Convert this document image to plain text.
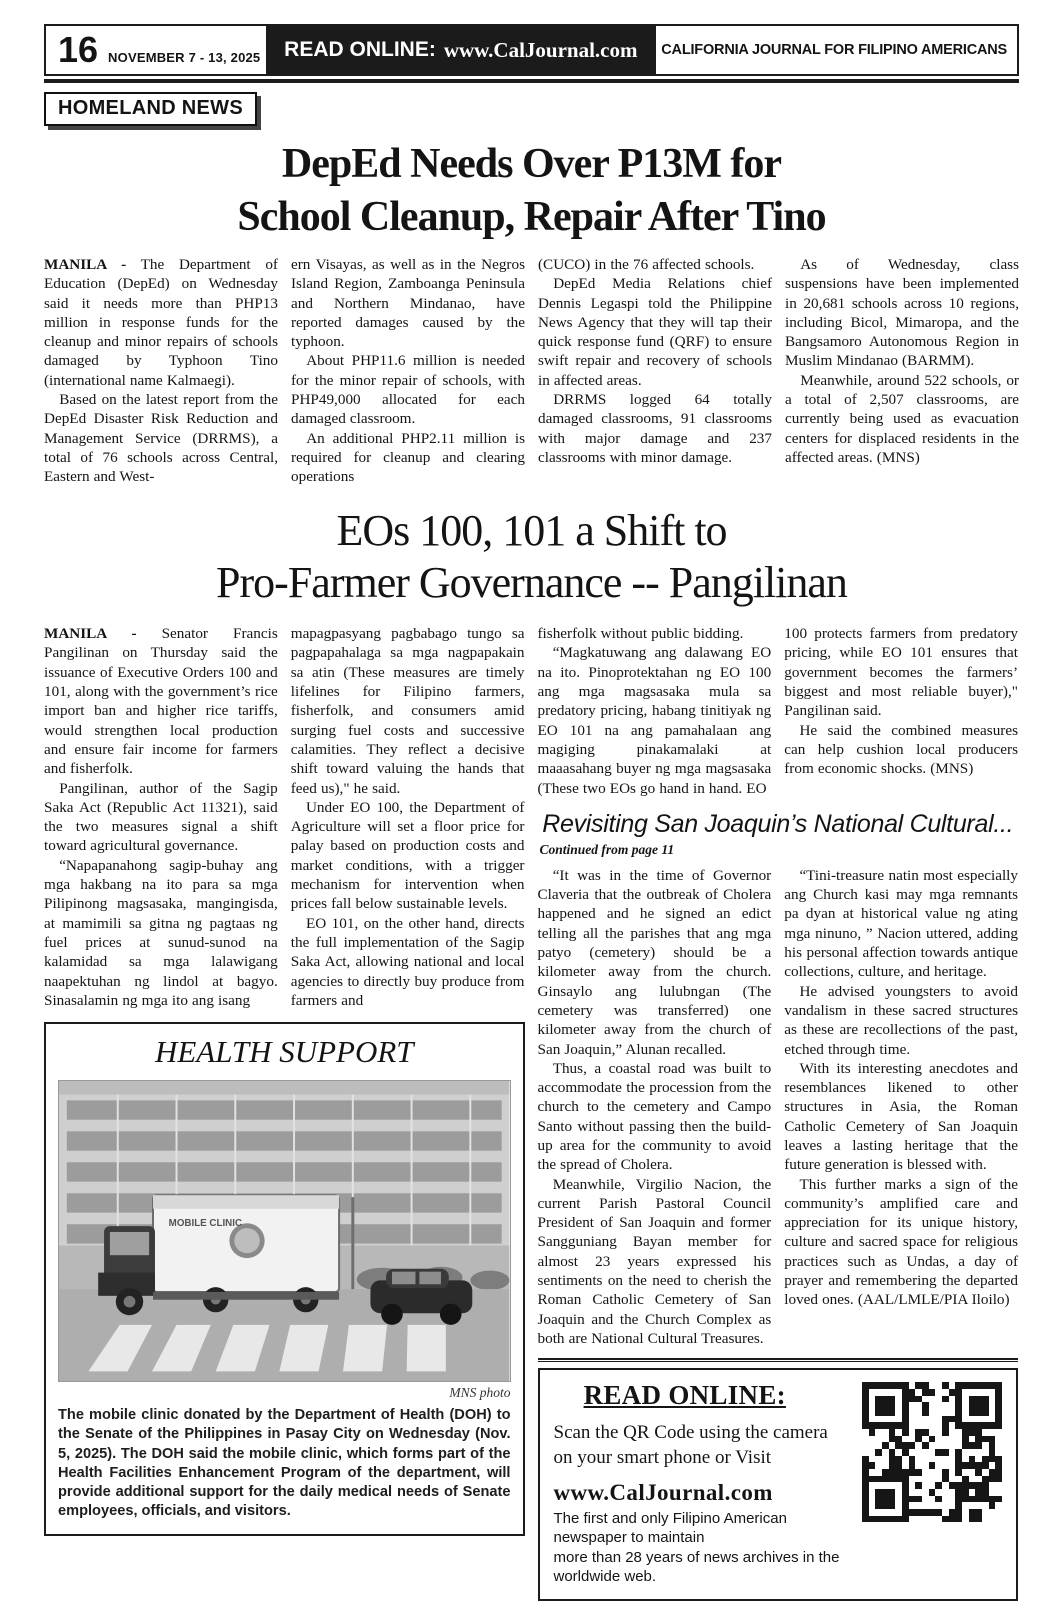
16 NOVEMBER 7 - 13, 2025 READ ONLINE: www.CalJournal.com CALIFORNIA JOURNAL FOR FILIPINO AMERICANS
HOMELAND NEWS
DepEd Needs Over P13M for
School Cleanup, Repair After Tino

MANILA - The Department of Education (DepEd) on Wednesday said it needs more than PHP13 million in response funds for the cleanup and minor repairs of schools damaged by Typhoon Tino (international name Kalmaegi).

 Based on the latest report from the DepEd Disaster Risk Reduction and Management Service (DRRMS), a total of 76 schools across Central, Eastern and West-

ern Visayas, as well as in the Negros Island Region, Zamboanga Peninsula and Northern Mindanao, have reported damages caused by the typhoon.

 About PHP11.6 million is needed for the minor repair of schools, with PHP49,000 allocated for each damaged classroom.

 An additional PHP2.11 million is required for cleanup and clearing operations

(CUCO) in the 76 affected schools.

 DepEd Media Relations chief Dennis Legaspi told the Philippine News Agency that they will tap their quick response fund (QRF) to ensure swift repair and recovery of schools in affected areas.

 DRRMS logged 64 totally damaged classrooms, 91 classrooms with major damage and 237 classrooms with minor damage.

 As of Wednesday, class suspensions have been implemented in 20,681 schools across 10 regions, including Bicol, Mimaropa, and the Bangsamoro Autonomous Region in Muslim Mindanao (BARMM).

 Meanwhile, around 522 schools, or a total of 2,507 classrooms, are currently being used as evacuation centers for displaced residents in the affected areas. (MNS)

EOs 100, 101 a Shift to
Pro-Farmer Governance -- Pangilinan

MANILA - Senator Francis Pangilinan on Thursday said the issuance of Executive Orders 100 and 101, along with the government’s rice import ban and higher rice tariffs, would strengthen local production and ensure fair income for farmers and fisherfolk.

 Pangilinan, author of the Sagip Saka Act (Republic Act 11321), said the two measures signal a shift toward agricultural governance.

 “Napapanahong sagip-buhay ang mga hakbang na ito para sa mga Pilipinong magsasaka, mangingisda, at mamimili sa gitna ng pagtaas ng fuel prices at sunud-sunod na kalamidad sa mga lalawigang naapektuhan ng lindol at bagyo. Sinasalamin ng mga ito ang isang

mapagpasyang pagbabago tungo sa pagpapahalaga sa mga nagpapakain sa atin (These measures are timely lifelines for Filipino farmers, fisherfolk, and consumers amid surging fuel costs and successive calamities. They reflect a decisive shift toward valuing the hands that feed us)," he said.

 Under EO 100, the Department of Agriculture will set a floor price for palay based on production costs and market conditions, with a trigger mechanism for intervention when prices fall below sustainable levels.

 EO 101, on the other hand, directs the full implementation of the Sagip Saka Act, allowing national and local agencies to directly buy produce from farmers and

HEALTH SUPPORT
MOBILE CLINIC
MNS photo
The mobile clinic donated by the Department of Health (DOH) to the Senate of the Philippines in Pasay City on Wednesday (Nov. 5, 2025). The DOH said the mobile clinic, which forms part of the Health Facilities Enhancement Program of the department, will provide additional support for the daily medical needs of Senate employees, officials, and visitors.

fisherfolk without public bidding.

 “Magkatuwang ang dalawang EO na ito. Pinoprotektahan ng EO 100 ang mga magsasaka mula sa predatory pricing, habang tinitiyak ng EO 101 na ang pamahalaan ang magiging pinakamalaki at maaasahang buyer ng mga magsasaka (These two EOs go hand in hand. EO

100 protects farmers from predatory pricing, while EO 101 ensures that government becomes the farmers’ biggest and most reliable buyer)," Pangilinan said.

 He said the combined measures can help cushion local producers from economic shocks. (MNS)

Revisiting San Joaquin’s National Cultural...
Continued from page 11

 “It was in the time of Governor Claveria that the outbreak of Cholera happened and he signed an edict telling all the parishes that ang mga patyo (cemetery) should be a kilometer away from the church. Ginsaylo ang lulubngan (The cemetery was transferred) one kilometer away from the church of San Joaquin,” Alunan recalled.

 Thus, a coastal road was built to accommodate the procession from the church to the cemetery and Campo Santo without passing then the build-up area for the community to avoid the spread of Cholera.

 Meanwhile, Virgilio Nacion, the current Parish Pastoral Council President of San Joaquin and former Sangguniang Bayan member for almost 23 years expressed his sentiments on the need to cherish the Roman Catholic Cemetery of San Joaquin and the Church Complex as both are National Cultural Treasures.

 “Tini-treasure natin most especially ang Church kasi may mga remnants pa dyan at historical value ng ating mga ninuno, ” Nacion uttered, adding his personal affection towards antique collections, culture, and heritage.

 He advised youngsters to avoid vandalism in these sacred structures as these are recollections of the past, etched through time.

 With its interesting anecdotes and resemblances likened to other structures in Asia, the Roman Catholic Cemetery of San Joaquin leaves a lasting heritage that the future generation is blessed with.

 This further marks a sign of the community’s amplified care and appreciation for its unique history, culture and sacred space for religious practices such as Undas, a day of prayer and remembering the departed loved ones. (AAL/LMLE/PIA Iloilo)

READ ONLINE:
Scan the QR Code using the camera
on your smart phone or Visit
www.CalJournal.com
The first and only Filipino American newspaper to maintain
more than 28 years of news archives in the worldwide web.
